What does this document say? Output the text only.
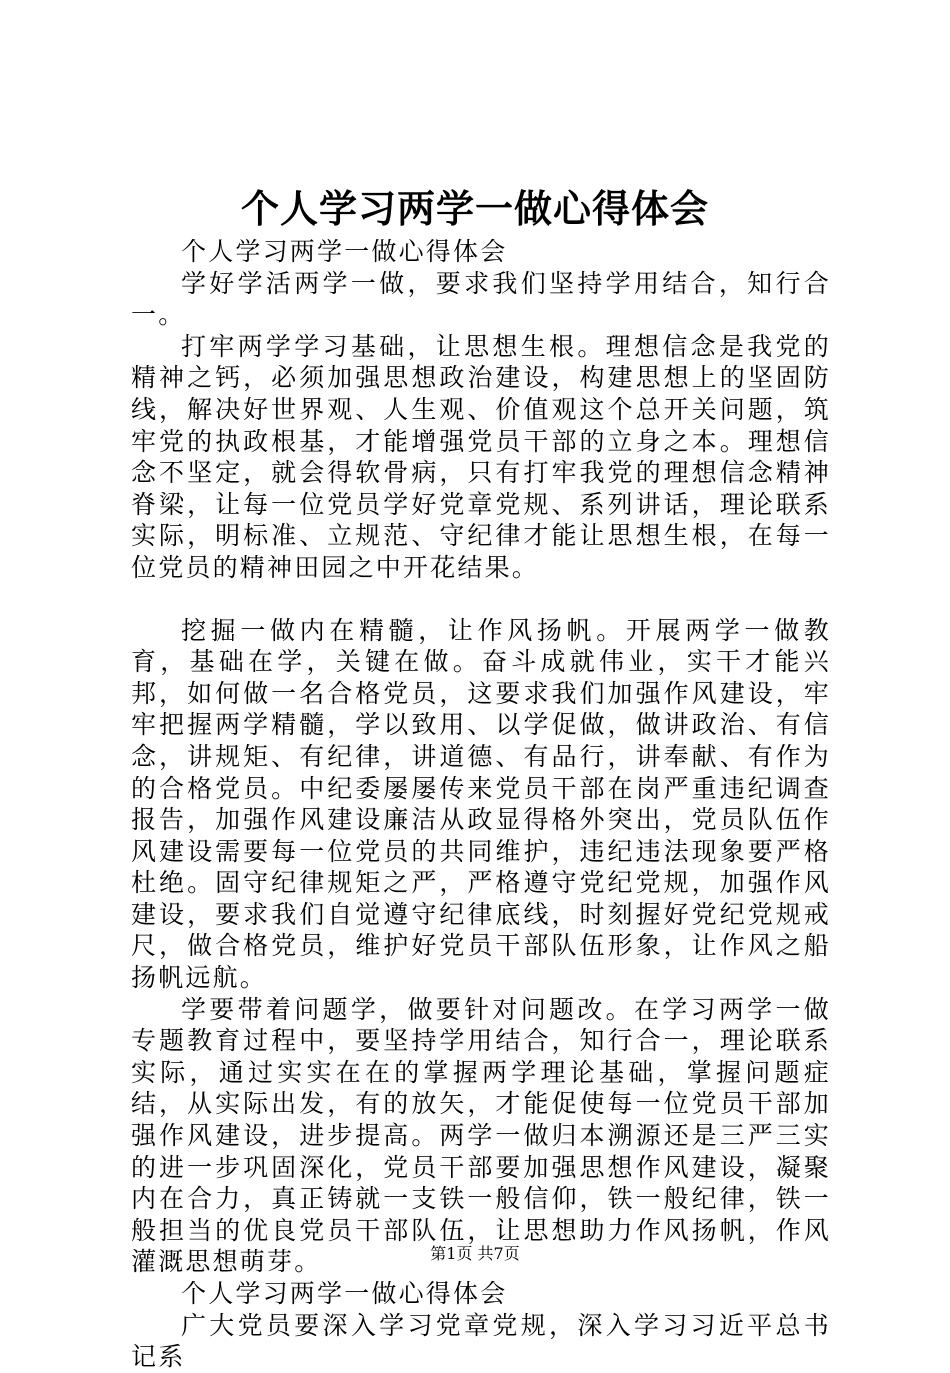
个人学习两学一做心得体会

个人学习两学一做心得体会

学好学活两学一做，要求我们坚持学用结合，知行合一。

打牢两学学习基础，让思想生根。理想信念是我党的精神之钙，必须加强思想政治建设，构建思想上的坚固防线，解决好世界观、人生观、价值观这个总开关问题，筑牢党的执政根基，才能增强党员干部的立身之本。理想信念不坚定，就会得软骨病，只有打牢我党的理想信念精神脊梁，让每一位党员学好党章党规、系列讲话，理论联系实际，明标准、立规范、守纪律才能让思想生根，在每一位党员的精神田园之中开花结果。

挖掘一做内在精髓，让作风扬帆。开展两学一做教育，基础在学，关键在做。奋斗成就伟业，实干才能兴邦，如何做一名合格党员，这要求我们加强作风建设，牢牢把握两学精髓，学以致用、以学促做，做讲政治、有信念，讲规矩、有纪律，讲道德、有品行，讲奉献、有作为的合格党员。中纪委屡屡传来党员干部在岗严重违纪调查报告，加强作风建设廉洁从政显得格外突出，党员队伍作风建设需要每一位党员的共同维护，违纪违法现象要严格杜绝。固守纪律规矩之严，严格遵守党纪党规，加强作风建设，要求我们自觉遵守纪律底线，时刻握好党纪党规戒尺，做合格党员，维护好党员干部队伍形象，让作风之船扬帆远航。

学要带着问题学，做要针对问题改。在学习两学一做专题教育过程中，要坚持学用结合，知行合一，理论联系实际，通过实实在在的掌握两学理论基础，掌握问题症结，从实际出发，有的放矢，才能促使每一位党员干部加强作风建设，进步提高。两学一做归本溯源还是三严三实的进一步巩固深化，党员干部要加强思想作风建设，凝聚内在合力，真正铸就一支铁一般信仰，铁一般纪律，铁一般担当的优良党员干部队伍，让思想助力作风扬帆，作风灌溉思想萌芽。

个人学习两学一做心得体会

广大党员要深入学习党章党规，深入学习习近平总书记系

第1页 共7页
